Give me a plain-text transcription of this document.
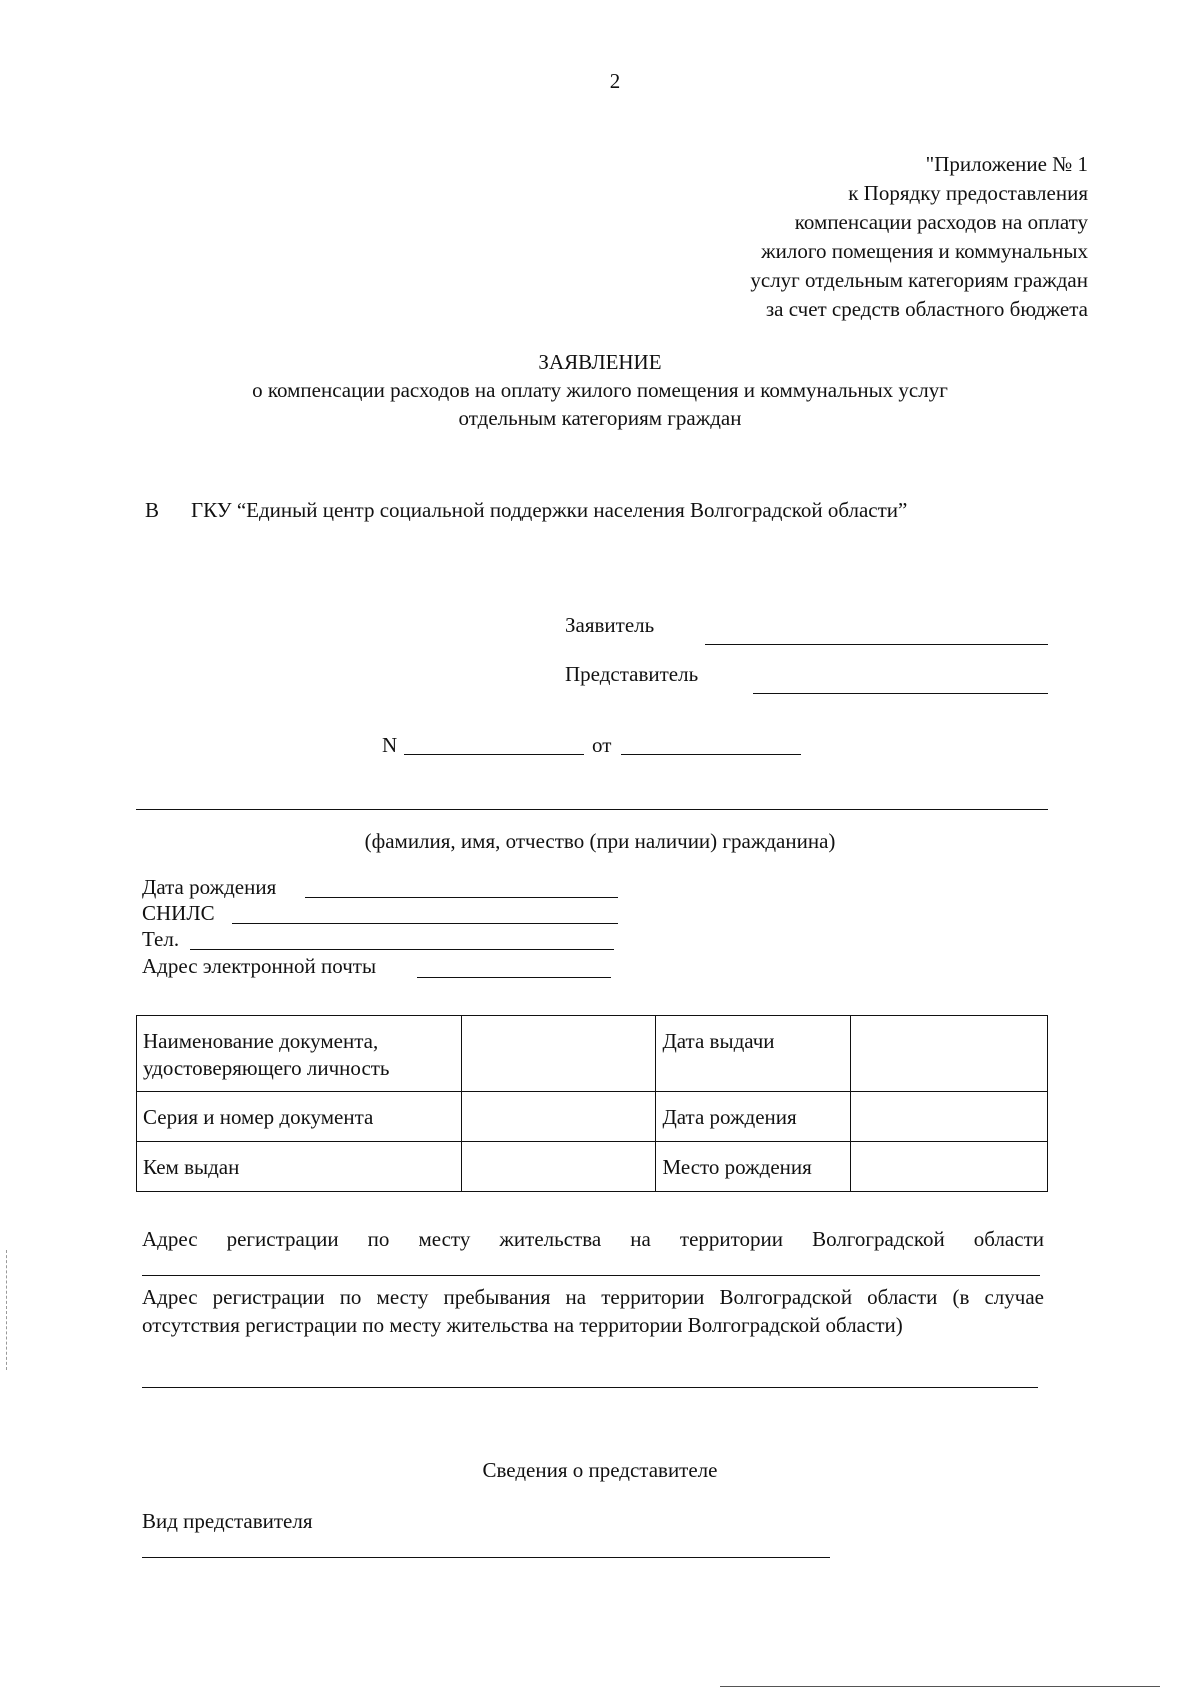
2
"Приложение № 1
к Порядку предоставления
компенсации расходов на оплату
жилого помещения и коммунальных
услуг отдельным категориям граждан
за счет средств областного бюджета
ЗАЯВЛЕНИЕ
о компенсации расходов на оплату жилого помещения и коммунальных услуг
отдельным категориям граждан
В ГКУ “Единый центр социальной поддержки населения Волгоградской области”
Заявитель
Представитель
N	от
(фамилия, имя, отчество (при наличии) гражданина)
Дата рождения
СНИЛС
Тел.
Адрес электронной почты
Наименование документа, удостоверяющего личность		Дата выдачи	
Серия и номер документа		Дата рождения	
Кем выдан		Место рождения	
Адрес регистрации по месту жительства на территории Волгоградской области
Адрес регистрации по месту пребывания на территории Волгоградской области (в случае отсутствия регистрации по месту жительства на территории Волгоградской области)
Сведения о представителе
Вид представителя
